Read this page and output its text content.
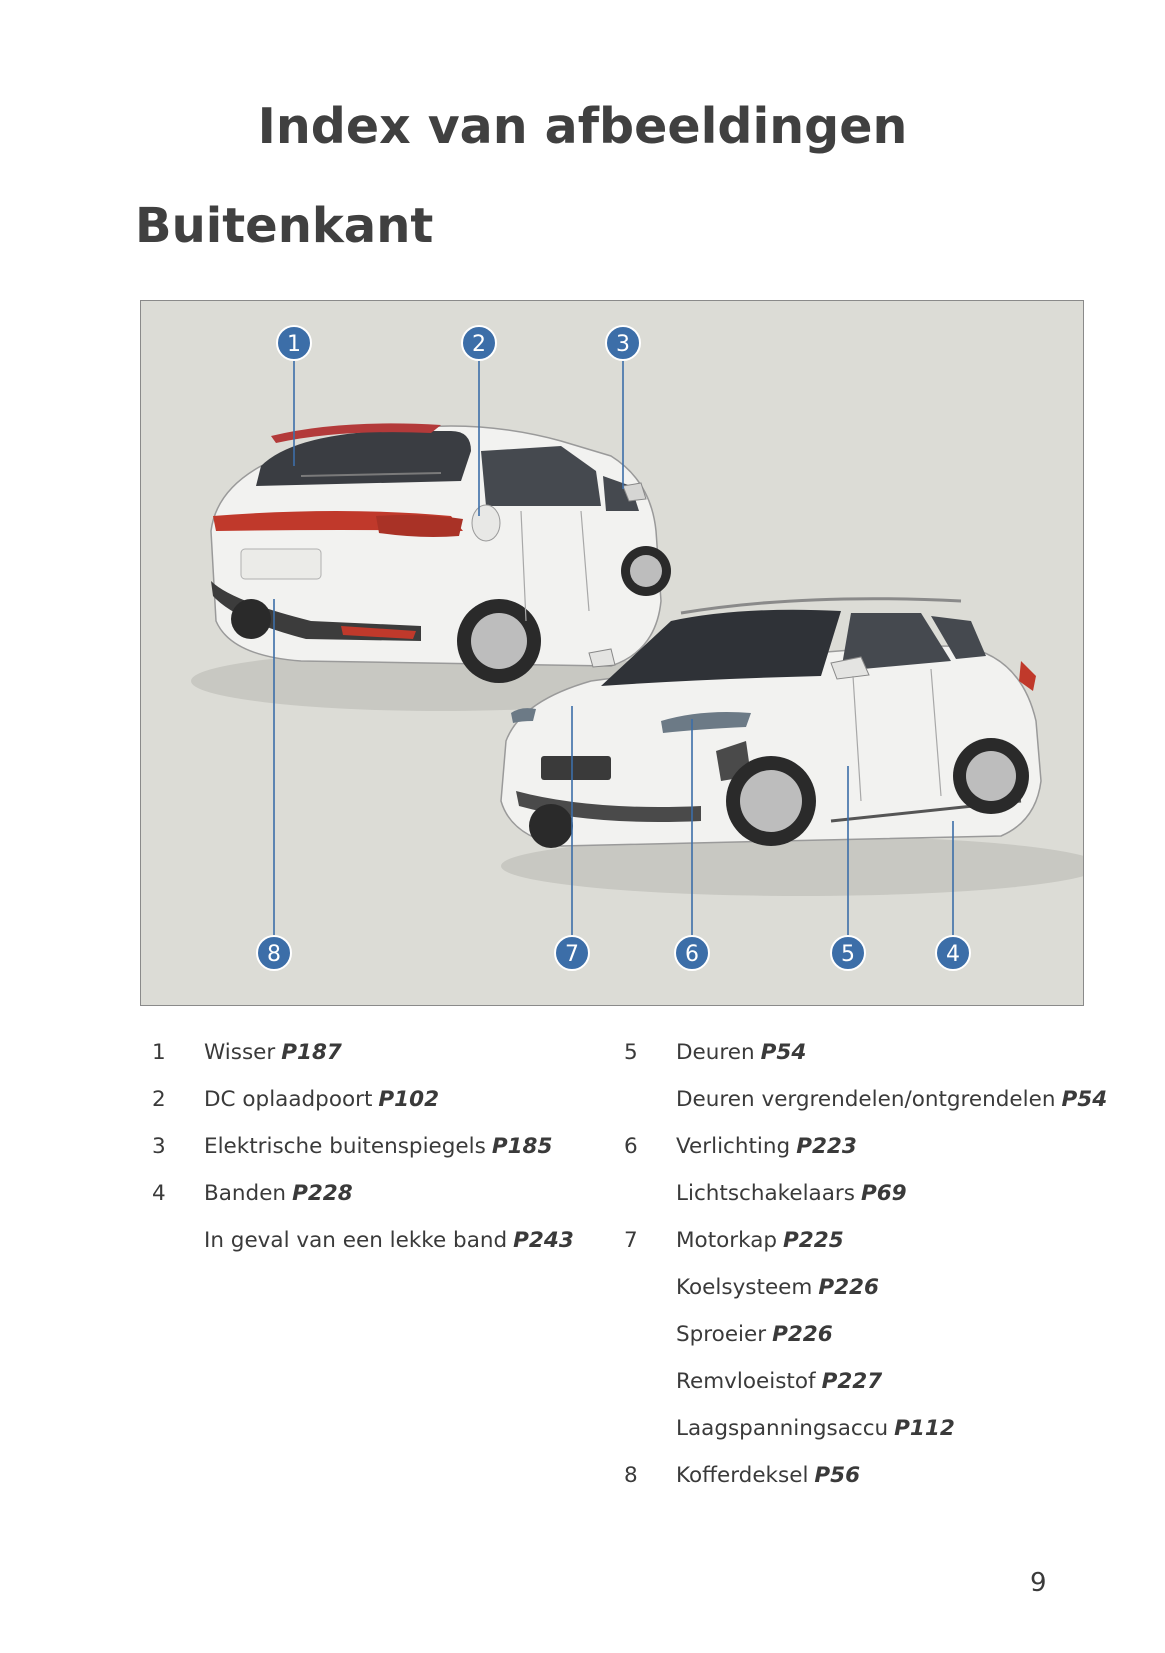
Index van afbeeldingen
Buitenkant
1	2	3
4
5
6
7
8
1	Wisser P187
2	DC oplaadpoort P102
3	Elektrische buitenspiegels P185
4	Banden P228
In geval van een lekke band P243
5	Deuren P54
Deuren vergrendelen/ontgrendelen P54
6	Verlichting P223
Lichtschakelaars P69
7	Motorkap P225
Koelsysteem P226
Sproeier P226
Remvloeistof P227
Laagspanningsaccu P112
8	Kofferdeksel P56
9
